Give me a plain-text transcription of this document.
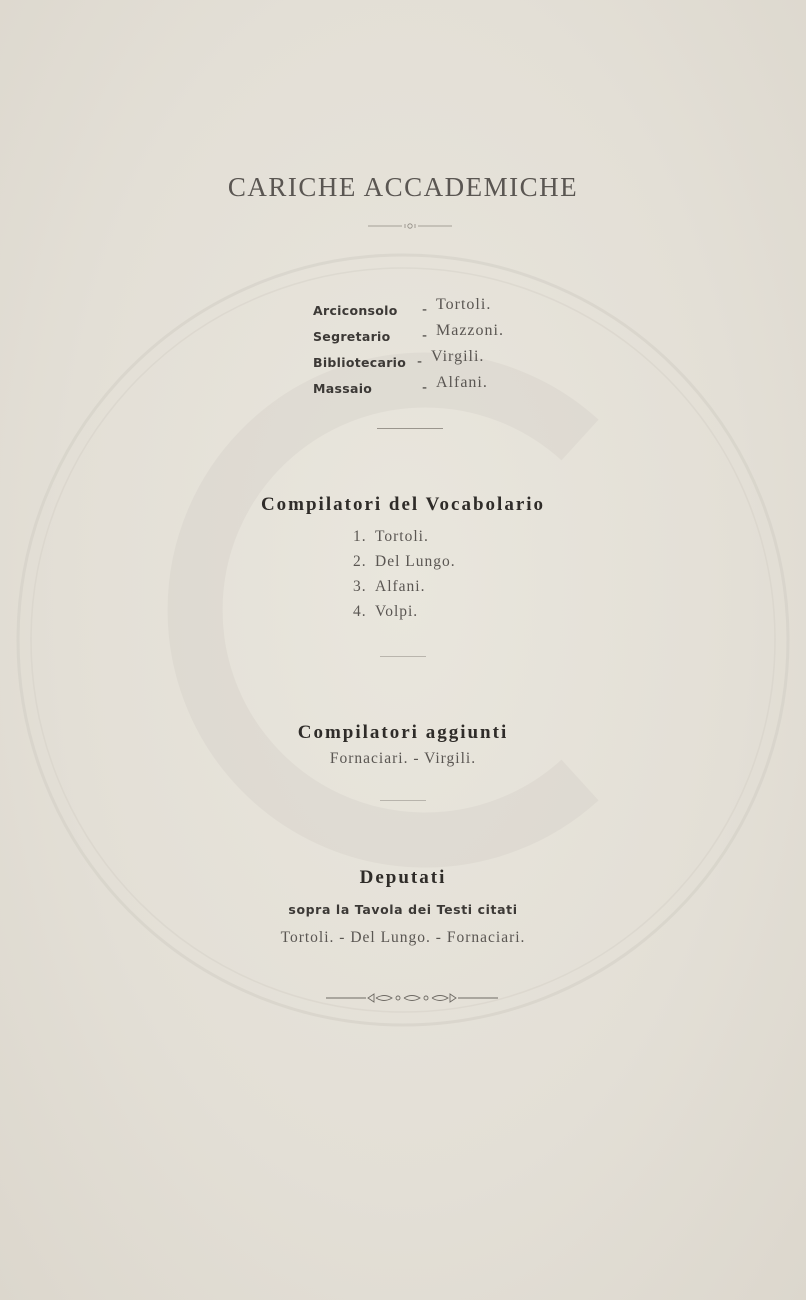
CARICHE ACCADEMICHE
Arciconsolo - Tortoli.
Segretario - Mazzoni.
Bibliotecario - Virgili.
Massaio	- Alfani.
Compilatori del Vocabolario
1. Tortoli.
2. Del Lungo.
3. Alfani.
4. Volpi.
Compilatori aggiunti
Fornaciari. - Virgili.
Deputati
sopra la Tavola dei Testi citati
Tortoli. - Del Lungo. - Fornaciari.
